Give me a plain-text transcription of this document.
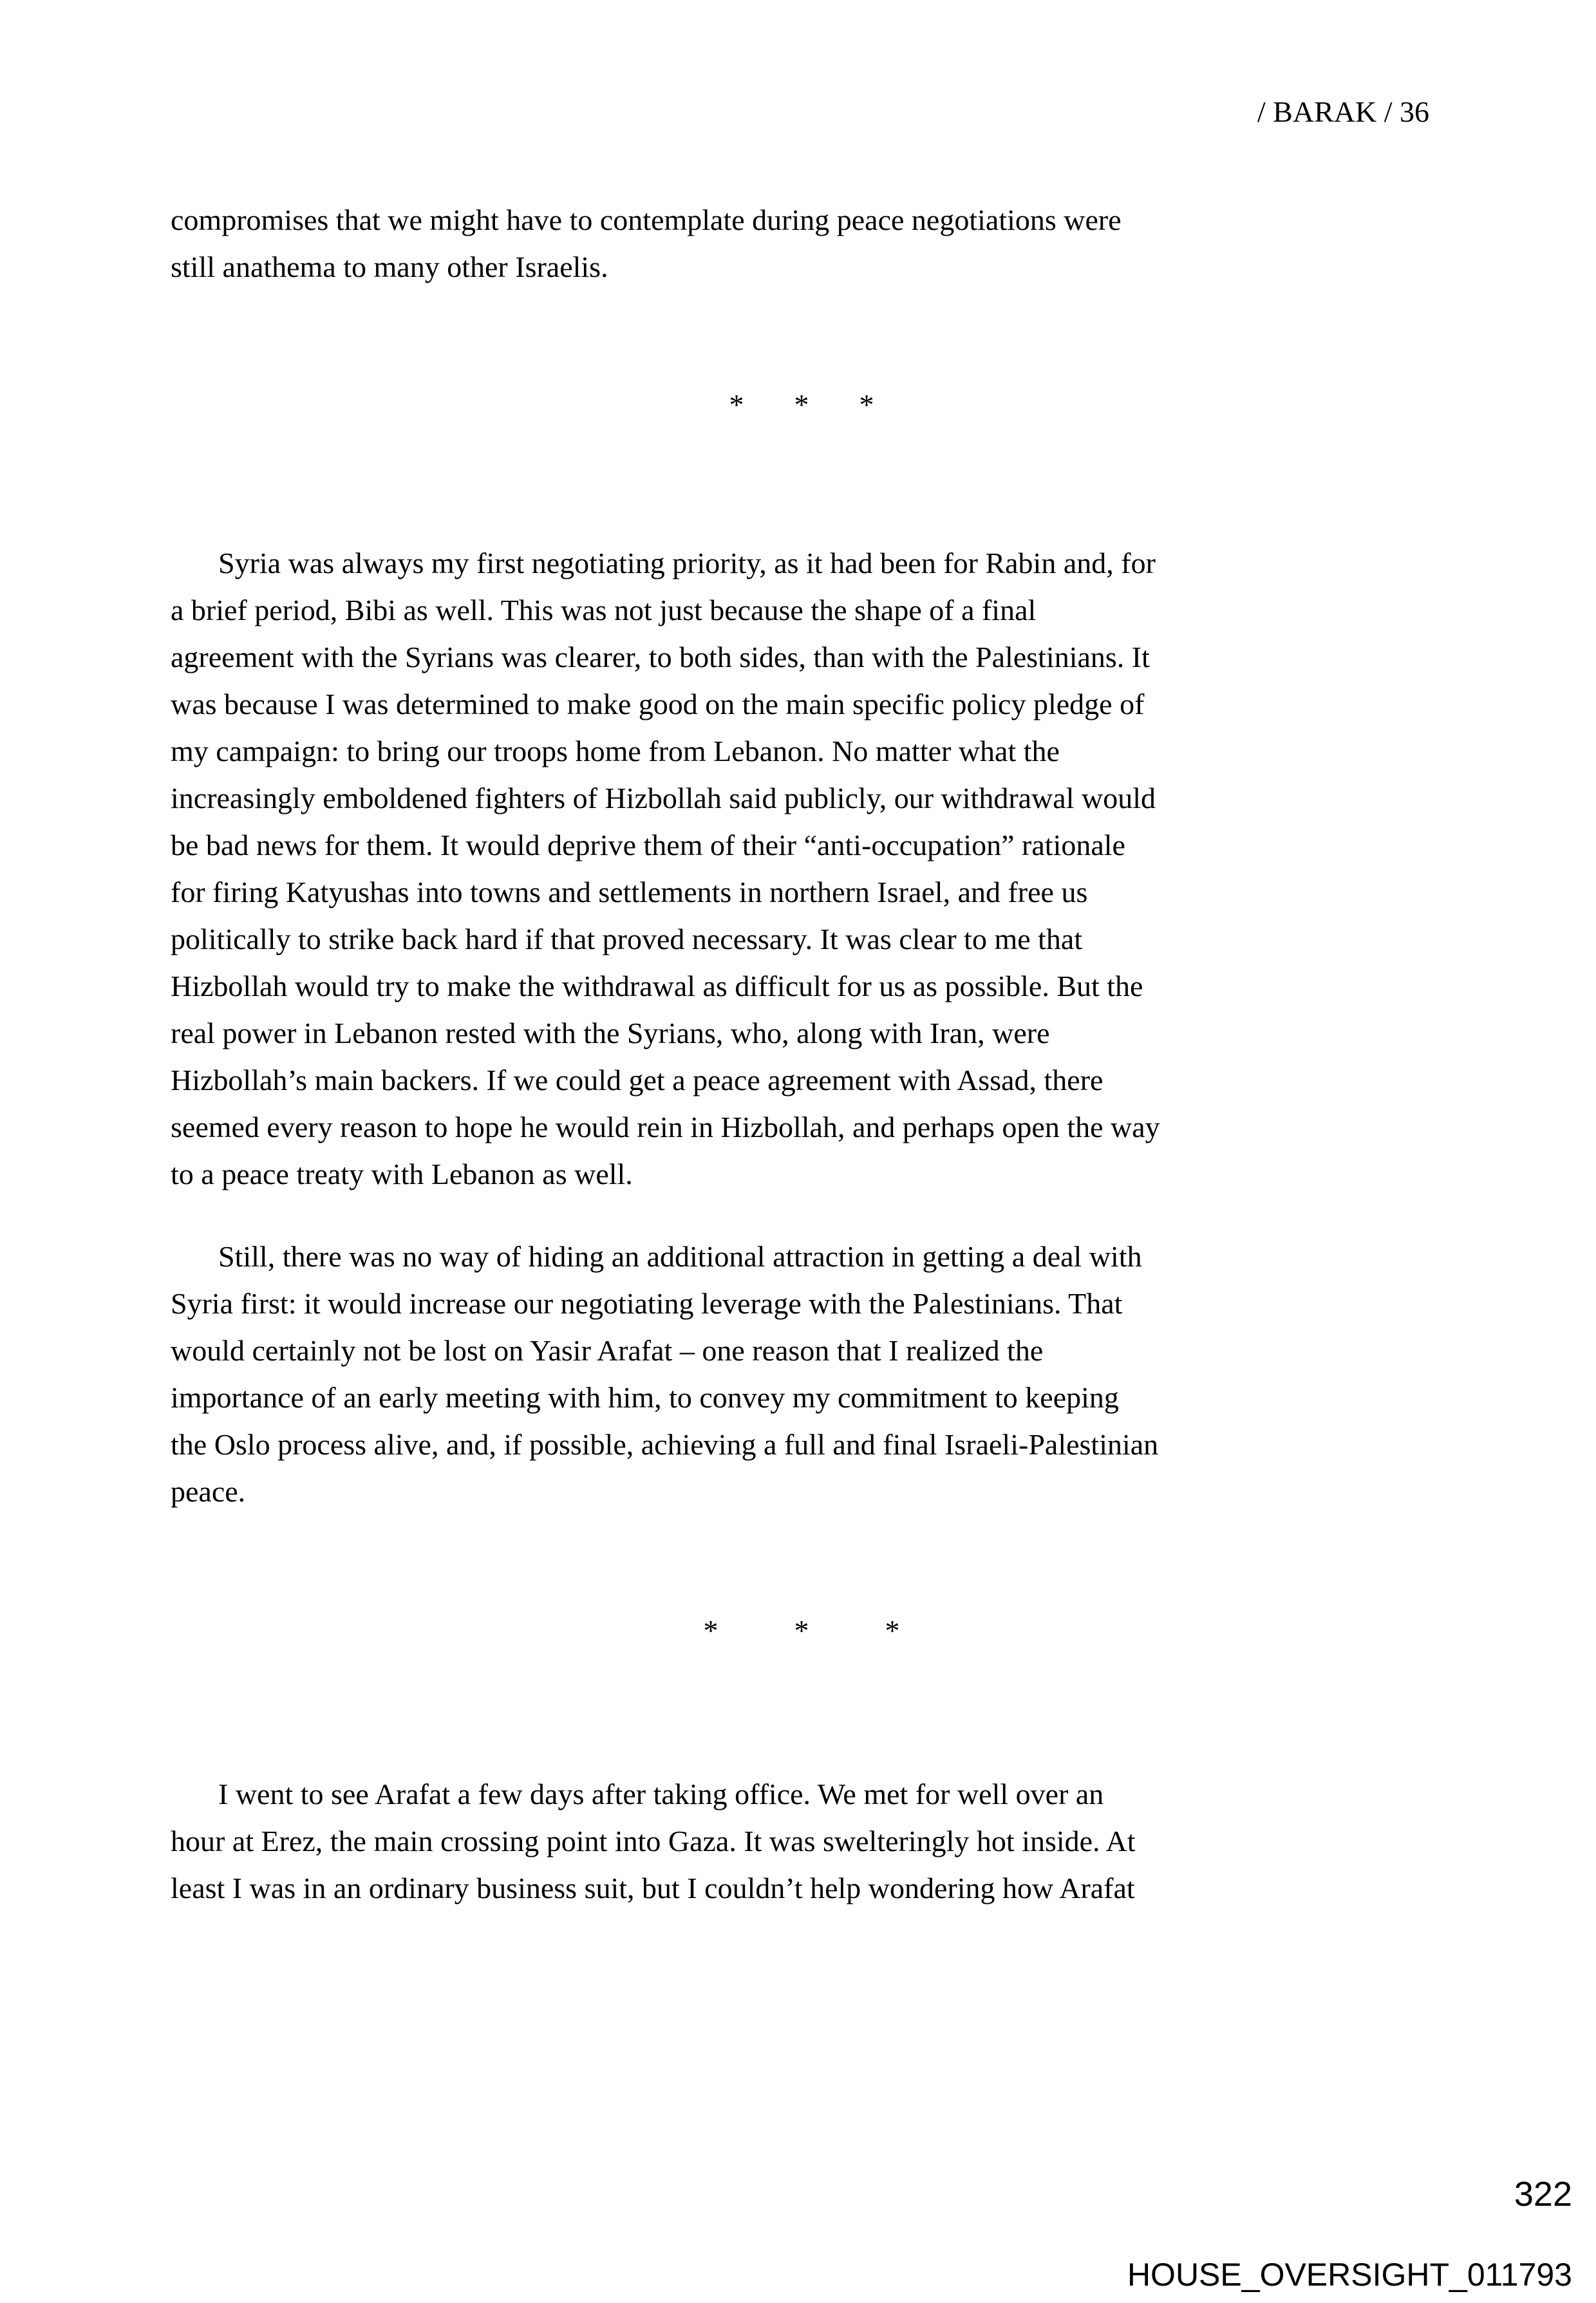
/ BARAK / 36
compromises that we might have to contemplate during peace negotiations were
still anathema to many other Israelis.
* * *
Syria was always my first negotiating priority, as it had been for Rabin and, for
a brief period, Bibi as well. This was not just because the shape of a final
agreement with the Syrians was clearer, to both sides, than with the Palestinians. It
was because I was determined to make good on the main specific policy pledge of
my campaign: to bring our troops home from Lebanon. No matter what the
increasingly emboldened fighters of Hizbollah said publicly, our withdrawal would
be bad news for them. It would deprive them of their “anti-occupation” rationale
for firing Katyushas into towns and settlements in northern Israel, and free us
politically to strike back hard if that proved necessary. It was clear to me that
Hizbollah would try to make the withdrawal as difficult for us as possible. But the
real power in Lebanon rested with the Syrians, who, along with Iran, were
Hizbollah’s main backers. If we could get a peace agreement with Assad, there
seemed every reason to hope he would rein in Hizbollah, and perhaps open the way
to a peace treaty with Lebanon as well.
Still, there was no way of hiding an additional attraction in getting a deal with
Syria first: it would increase our negotiating leverage with the Palestinians. That
would certainly not be lost on Yasir Arafat – one reason that I realized the
importance of an early meeting with him, to convey my commitment to keeping
the Oslo process alive, and, if possible, achieving a full and final Israeli-Palestinian
peace.
*	*	*
I went to see Arafat a few days after taking office. We met for well over an
hour at Erez, the main crossing point into Gaza. It was swelteringly hot inside. At
least I was in an ordinary business suit, but I couldn’t help wondering how Arafat
322
HOUSE_OVERSIGHT_011793
